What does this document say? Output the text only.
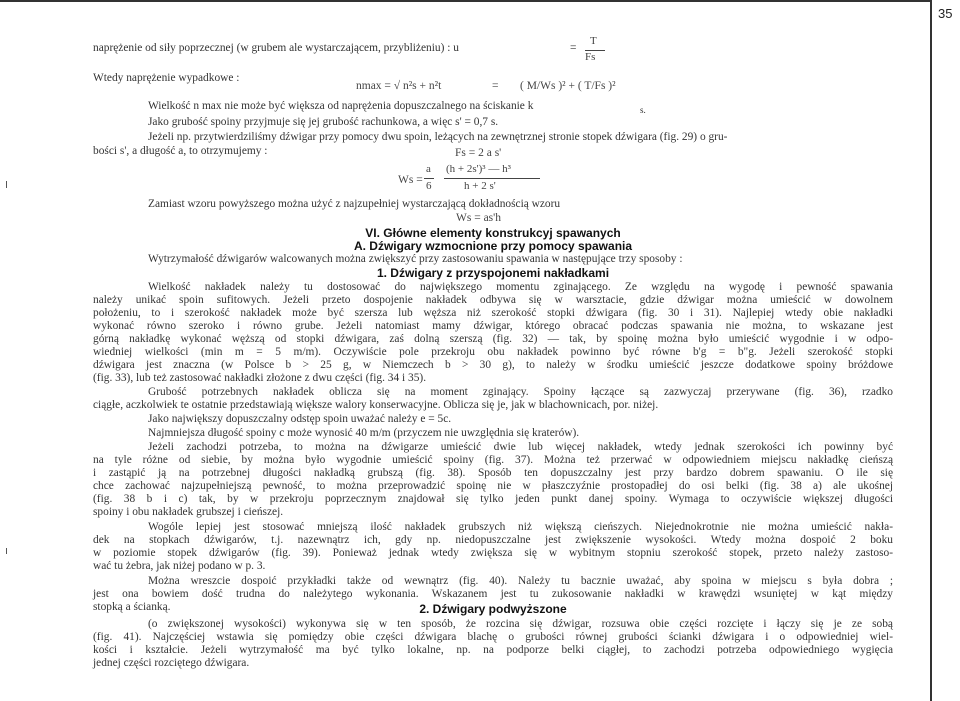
35
naprężenie od siły poprzecznej (w grubem ale wystarczającem, przybliżeniu) : u	=
T
Fs
Wtedy naprężenie wypadkowe :
nmax = √ n²s + n²t	= ( M/Ws )² + ( T/Fs )²
Wielkość n max nie może być większa od naprężenia dopuszczalnego na ściskanie k	s.
Jako grubość spoiny przyjmuje się jej grubość rachunkowa, a więc s' = 0,7 s.
Jeżeli np. przytwierdziliśmy dźwigar przy pomocy dwu spoin, leżących na zewnętrznej stronie stopek dźwigara (fig. 29) o gru-
bości s', a długość a, to otrzymujemy :	Fs = 2 a s'
Ws =
a
6
(h + 2s')³ — h³
h + 2 s'
Zamiast wzoru powyższego można użyć z najzupełniej wystarczającą dokładnością wzoru
Ws = as'h
VI. Główne elementy konstrukcyj spawanych
A. Dźwigary wzmocnione przy pomocy spawania
Wytrzymałość dźwigarów walcowanych można zwiększyć przy zastosowaniu spawania w następujące trzy sposoby :
1. Dźwigary z przyspojonemi nakładkami
Wielkość nakładek należy tu dostosować do największego momentu zginającego. Ze względu na wygodę i pewność spawania
należy unikać spoin sufitowych. Jeżeli przeto dospojenie nakładek odbywa się w warsztacie, gdzie dźwigar można umieścić w dowolnem
położeniu, to i szerokość nakładek może być szersza lub węższa niż szerokość stopki dźwigara (fig. 30 i 31). Najlepiej wtedy obie nakładki
wykonać równo szeroko i równo grube. Jeżeli natomiast mamy dźwigar, którego obracać podczas spawania nie można, to wskazane jest
górną nakładkę wykonać węższą od stopki dźwigara, zaś dolną szerszą (fig. 32) — tak, by spoinę można było umieścić wygodnie i w odpo-
wiedniej wielkości (min m = 5 m/m). Oczywiście pole przekroju obu nakładek powinno być równe b'g = b"g. Jeżeli szerokość stopki
dźwigara jest znaczna (w Polsce b > 25 g, w Niemczech b > 30 g), to należy w środku umieścić jeszcze dodatkowe spoiny bróżdowe
(fig. 33), lub też zastosować nakładki złożone z dwu części (fig. 34 i 35).
Grubość potrzebnych nakładek oblicza się na moment zginający. Spoiny łączące są zazwyczaj przerywane (fig. 36), rzadko
ciągłe, aczkolwiek te ostatnie przedstawiają większe walory konserwacyjne. Oblicza się je, jak w blachownicach, por. niżej.
Jako największy dopuszczalny odstęp spoin uważać należy e = 5c.
Najmniejsza długość spoiny c może wynosić 40 m/m (przyczem nie uwzględnia się kraterów).
Jeżeli zachodzi potrzeba, to można na dźwigarze umieścić dwie lub więcej nakładek, wtedy jednak szerokości ich powinny być
na tyle różne od siebie, by można było wygodnie umieścić spoiny (fig. 37). Można też przerwać w odpowiedniem miejscu nakładkę cieńszą
i zastąpić ją na potrzebnej długości nakładką grubszą (fig. 38). Sposób ten dopuszczalny jest przy bardzo dobrem spawaniu. O ile się
chce zachować najzupełniejszą pewność, to można przeprowadzić spoinę nie w płaszczyźnie prostopadłej do osi belki (fig. 38 a) ale ukośnej
(fig. 38 b i c) tak, by w przekroju poprzecznym znajdował się tylko jeden punkt danej spoiny. Wymaga to oczywiście większej długości
spoiny i obu nakładek grubszej i cieńszej.
Wogóle lepiej jest stosować mniejszą ilość nakładek grubszych niż większą cieńszych. Niejednokrotnie nie można umieścić nakła-
dek na stopkach dźwigarów, t.j. nazewnątrz ich, gdy np. niedopuszczalne jest zwiększenie wysokości. Wtedy można dospoić 2 boku
w poziomie stopek dźwigarów (fig. 39). Ponieważ jednak wtedy zwiększa się w wybitnym stopniu szerokość stopek, przeto należy zastoso-
wać tu żebra, jak niżej podano w p. 3.
Można wreszcie dospoić przykładki także od wewnątrz (fig. 40). Należy tu bacznie uważać, aby spoina w miejscu s była dobra ;
jest ona bowiem dość trudna do należytego wykonania. Wskazanem jest tu zukosowanie nakładki w krawędzi wsuniętej w kąt między
stopką a ścianką.	2. Dźwigary podwyższone
(o zwiększonej wysokości) wykonywa się w ten sposób, że rozcina się dźwigar, rozsuwa obie części rozcięte i łączy się je ze sobą
(fig. 41). Najczęściej wstawia się pomiędzy obie części dźwigara blachę o grubości równej grubości ścianki dźwigara i o odpowiedniej wiel-
kości i kształcie. Jeżeli wytrzymałość ma być tylko lokalne, np. na podporze belki ciągłej, to zachodzi potrzeba odpowiedniego wygięcia
jednej części rozciętego dźwigara.
